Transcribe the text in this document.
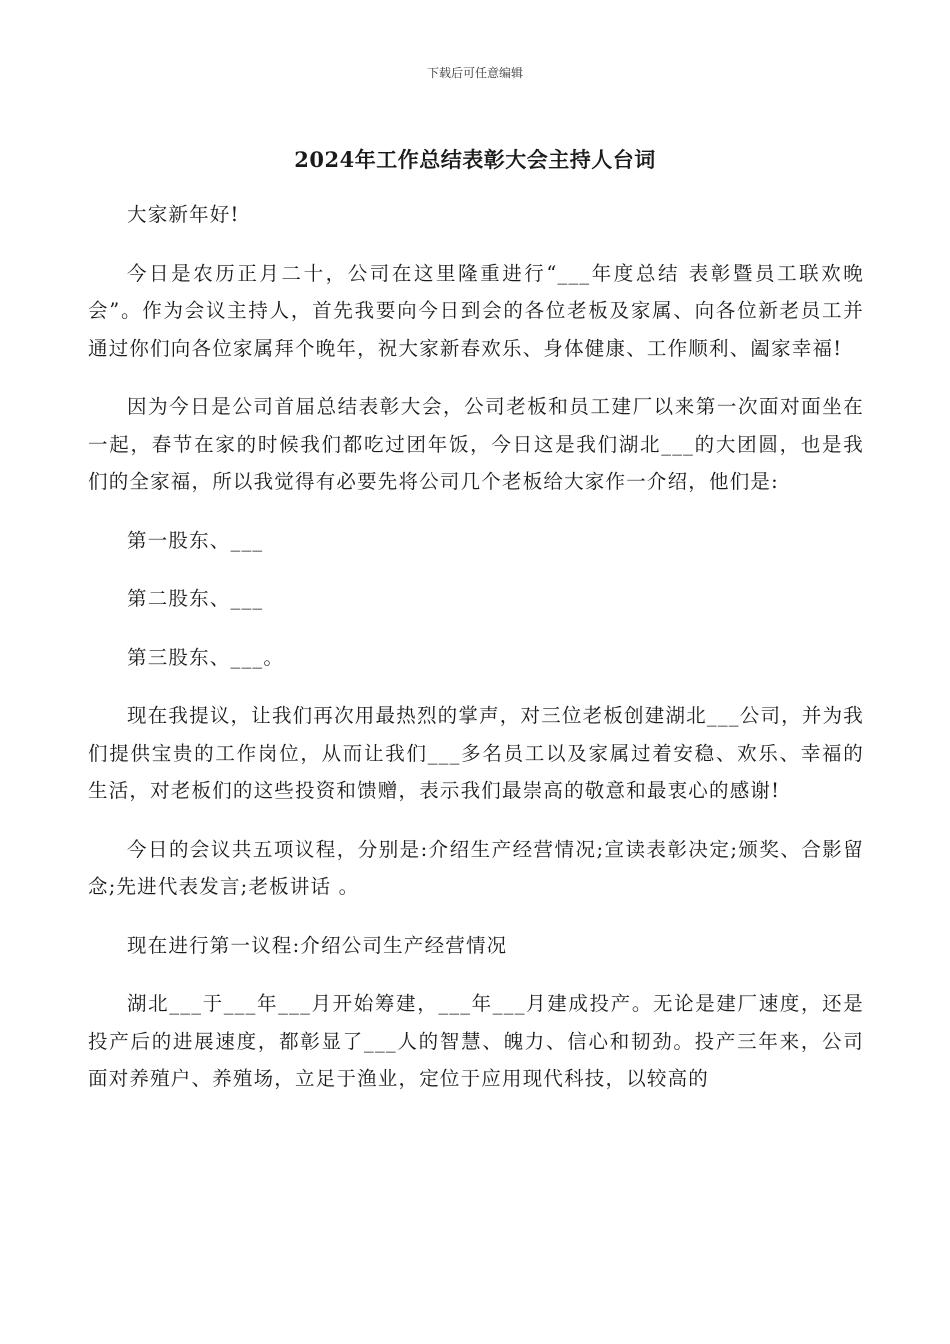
下载后可任意编辑
2024年工作总结表彰大会主持人台词

大家新年好!

今日是农历正月二十，公司在这里隆重进行“___年度总结 表彰暨员工联欢晚会”。作为会议主持人，首先我要向今日到会的各位老板及家属、向各位新老员工并通过你们向各位家属拜个晚年，祝大家新春欢乐、身体健康、工作顺利、阖家幸福!

因为今日是公司首届总结表彰大会，公司老板和员工建厂以来第一次面对面坐在一起，春节在家的时候我们都吃过团年饭，今日这是我们湖北___的大团圆，也是我们的全家福，所以我觉得有必要先将公司几个老板给大家作一介绍，他们是:

第一股东、___

第二股东、___

第三股东、___。

现在我提议，让我们再次用最热烈的掌声，对三位老板创建湖北___公司，并为我们提供宝贵的工作岗位，从而让我们___多名员工以及家属过着安稳、欢乐、幸福的生活，对老板们的这些投资和馈赠，表示我们最崇高的敬意和最衷心的感谢!

今日的会议共五项议程，分别是:介绍生产经营情况;宣读表彰决定;颁奖、合影留念;先进代表发言;老板讲话 。

现在进行第一议程:介绍公司生产经营情况

湖北___于___年___月开始筹建，___年___月建成投产。无论是建厂速度，还是投产后的进展速度，都彰显了___人的智慧、魄力、信心和韧劲。投产三年来，公司面对养殖户、养殖场，立足于渔业，定位于应用现代科技，以较高的
